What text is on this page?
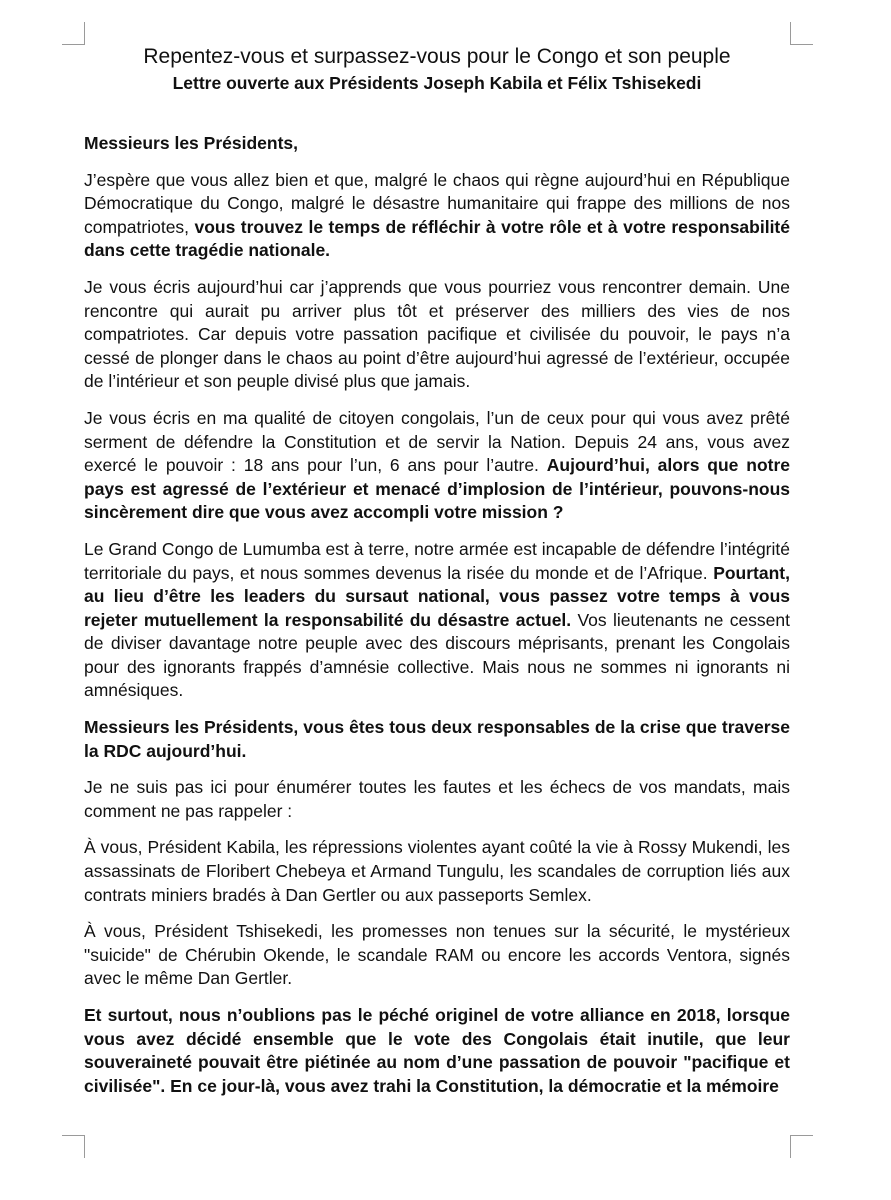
Repentez-vous et surpassez-vous pour le Congo et son peuple
Lettre ouverte aux Présidents Joseph Kabila et Félix Tshisekedi

Messieurs les Présidents,

J’espère que vous allez bien et que, malgré le chaos qui règne aujourd’hui en République Démocratique du Congo, malgré le désastre humanitaire qui frappe des millions de nos compatriotes, vous trouvez le temps de réfléchir à votre rôle et à votre responsabilité dans cette tragédie nationale.

Je vous écris aujourd’hui car j’apprends que vous pourriez vous rencontrer demain. Une rencontre qui aurait pu arriver plus tôt et préserver des milliers des vies de nos compatriotes. Car depuis votre passation pacifique et civilisée du pouvoir, le pays n’a cessé de plonger dans le chaos au point d’être aujourd’hui agressé de l’extérieur, occupée de l’intérieur et son peuple divisé plus que jamais.

Je vous écris en ma qualité de citoyen congolais, l’un de ceux pour qui vous avez prêté serment de défendre la Constitution et de servir la Nation. Depuis 24 ans, vous avez exercé le pouvoir : 18 ans pour l’un, 6 ans pour l’autre. Aujourd’hui, alors que notre pays est agressé de l’extérieur et menacé d’implosion de l’intérieur, pouvons-nous sincèrement dire que vous avez accompli votre mission ?

Le Grand Congo de Lumumba est à terre, notre armée est incapable de défendre l’intégrité territoriale du pays, et nous sommes devenus la risée du monde et de l’Afrique. Pourtant, au lieu d’être les leaders du sursaut national, vous passez votre temps à vous rejeter mutuellement la responsabilité du désastre actuel. Vos lieutenants ne cessent de diviser davantage notre peuple avec des discours méprisants, prenant les Congolais pour des ignorants frappés d’amnésie collective. Mais nous ne sommes ni ignorants ni amnésiques.

Messieurs les Présidents, vous êtes tous deux responsables de la crise que traverse la RDC aujourd’hui.

Je ne suis pas ici pour énumérer toutes les fautes et les échecs de vos mandats, mais comment ne pas rappeler :

À vous, Président Kabila, les répressions violentes ayant coûté la vie à Rossy Mukendi, les assassinats de Floribert Chebeya et Armand Tungulu, les scandales de corruption liés aux contrats miniers bradés à Dan Gertler ou aux passeports Semlex.

À vous, Président Tshisekedi, les promesses non tenues sur la sécurité, le mystérieux "suicide" de Chérubin Okende, le scandale RAM ou encore les accords Ventora, signés avec le même Dan Gertler.

Et surtout, nous n’oublions pas le péché originel de votre alliance en 2018, lorsque vous avez décidé ensemble que le vote des Congolais était inutile, que leur souveraineté pouvait être piétinée au nom d’une passation de pouvoir "pacifique et civilisée". En ce jour-là, vous avez trahi la Constitution, la démocratie et la mémoire
